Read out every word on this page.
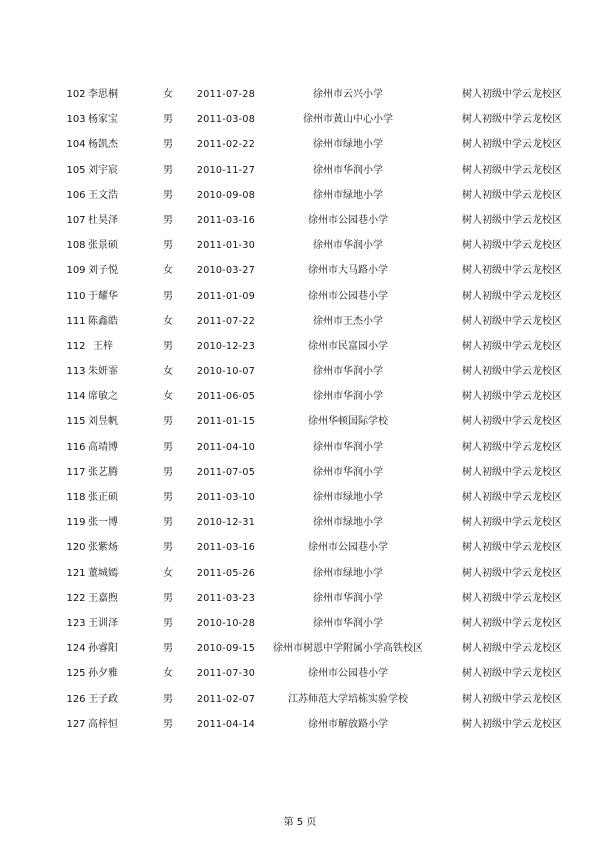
102 李思桐	女	2011-07-28	徐州市云兴小学	树人初级中学云龙校区
103 杨家宝	男	2011-03-08	徐州市黄山中心小学	树人初级中学云龙校区
104 杨凯杰	男	2011-02-22	徐州市绿地小学	树人初级中学云龙校区
105 刘宇宸	男	2010-11-27	徐州市华润小学	树人初级中学云龙校区
106 王文浩	男	2010-09-08	徐州市绿地小学	树人初级中学云龙校区
107 杜昊泽	男	2011-03-16	徐州市公园巷小学	树人初级中学云龙校区
108 张景硕	男	2011-01-30	徐州市华润小学	树人初级中学云龙校区
109 刘子悦	女	2010-03-27	徐州市大马路小学	树人初级中学云龙校区
110 于耀华	男	2011-01-09	徐州市公园巷小学	树人初级中学云龙校区
111 陈鑫皓	女	2011-07-22	徐州市王杰小学	树人初级中学云龙校区
112 王梓	男	2010-12-23	徐州市民富园小学	树人初级中学云龙校区
113 朱妍霏	女	2010-10-07	徐州市华润小学	树人初级中学云龙校区
114 席敏之	女	2011-06-05	徐州市华润小学	树人初级中学云龙校区
115 刘昱帆	男	2011-01-15	徐州华顿国际学校	树人初级中学云龙校区
116 高靖博	男	2011-04-10	徐州市华润小学	树人初级中学云龙校区
117 张艺腾	男	2011-07-05	徐州市华润小学	树人初级中学云龙校区
118 张正硕	男	2011-03-10	徐州市绿地小学	树人初级中学云龙校区
119 张一博	男	2010-12-31	徐州市绿地小学	树人初级中学云龙校区
120 张紫炀	男	2011-03-16	徐州市公园巷小学	树人初级中学云龙校区
121 董城嫣	女	2011-05-26	徐州市绿地小学	树人初级中学云龙校区
122 王嘉煦	男	2011-03-23	徐州市华润小学	树人初级中学云龙校区
123 王训泽	男	2010-10-28	徐州市华润小学	树人初级中学云龙校区
124 孙睿阳	男	2010-09-15	徐州市树恩中学附属小学高铁校区	树人初级中学云龙校区
125 孙夕雅	女	2011-07-30	徐州市公园巷小学	树人初级中学云龙校区
126 王子政	男	2011-02-07	江苏师范大学培栋实验学校	树人初级中学云龙校区
127 高梓恒	男	2011-04-14	徐州市解放路小学	树人初级中学云龙校区
第 5 页
